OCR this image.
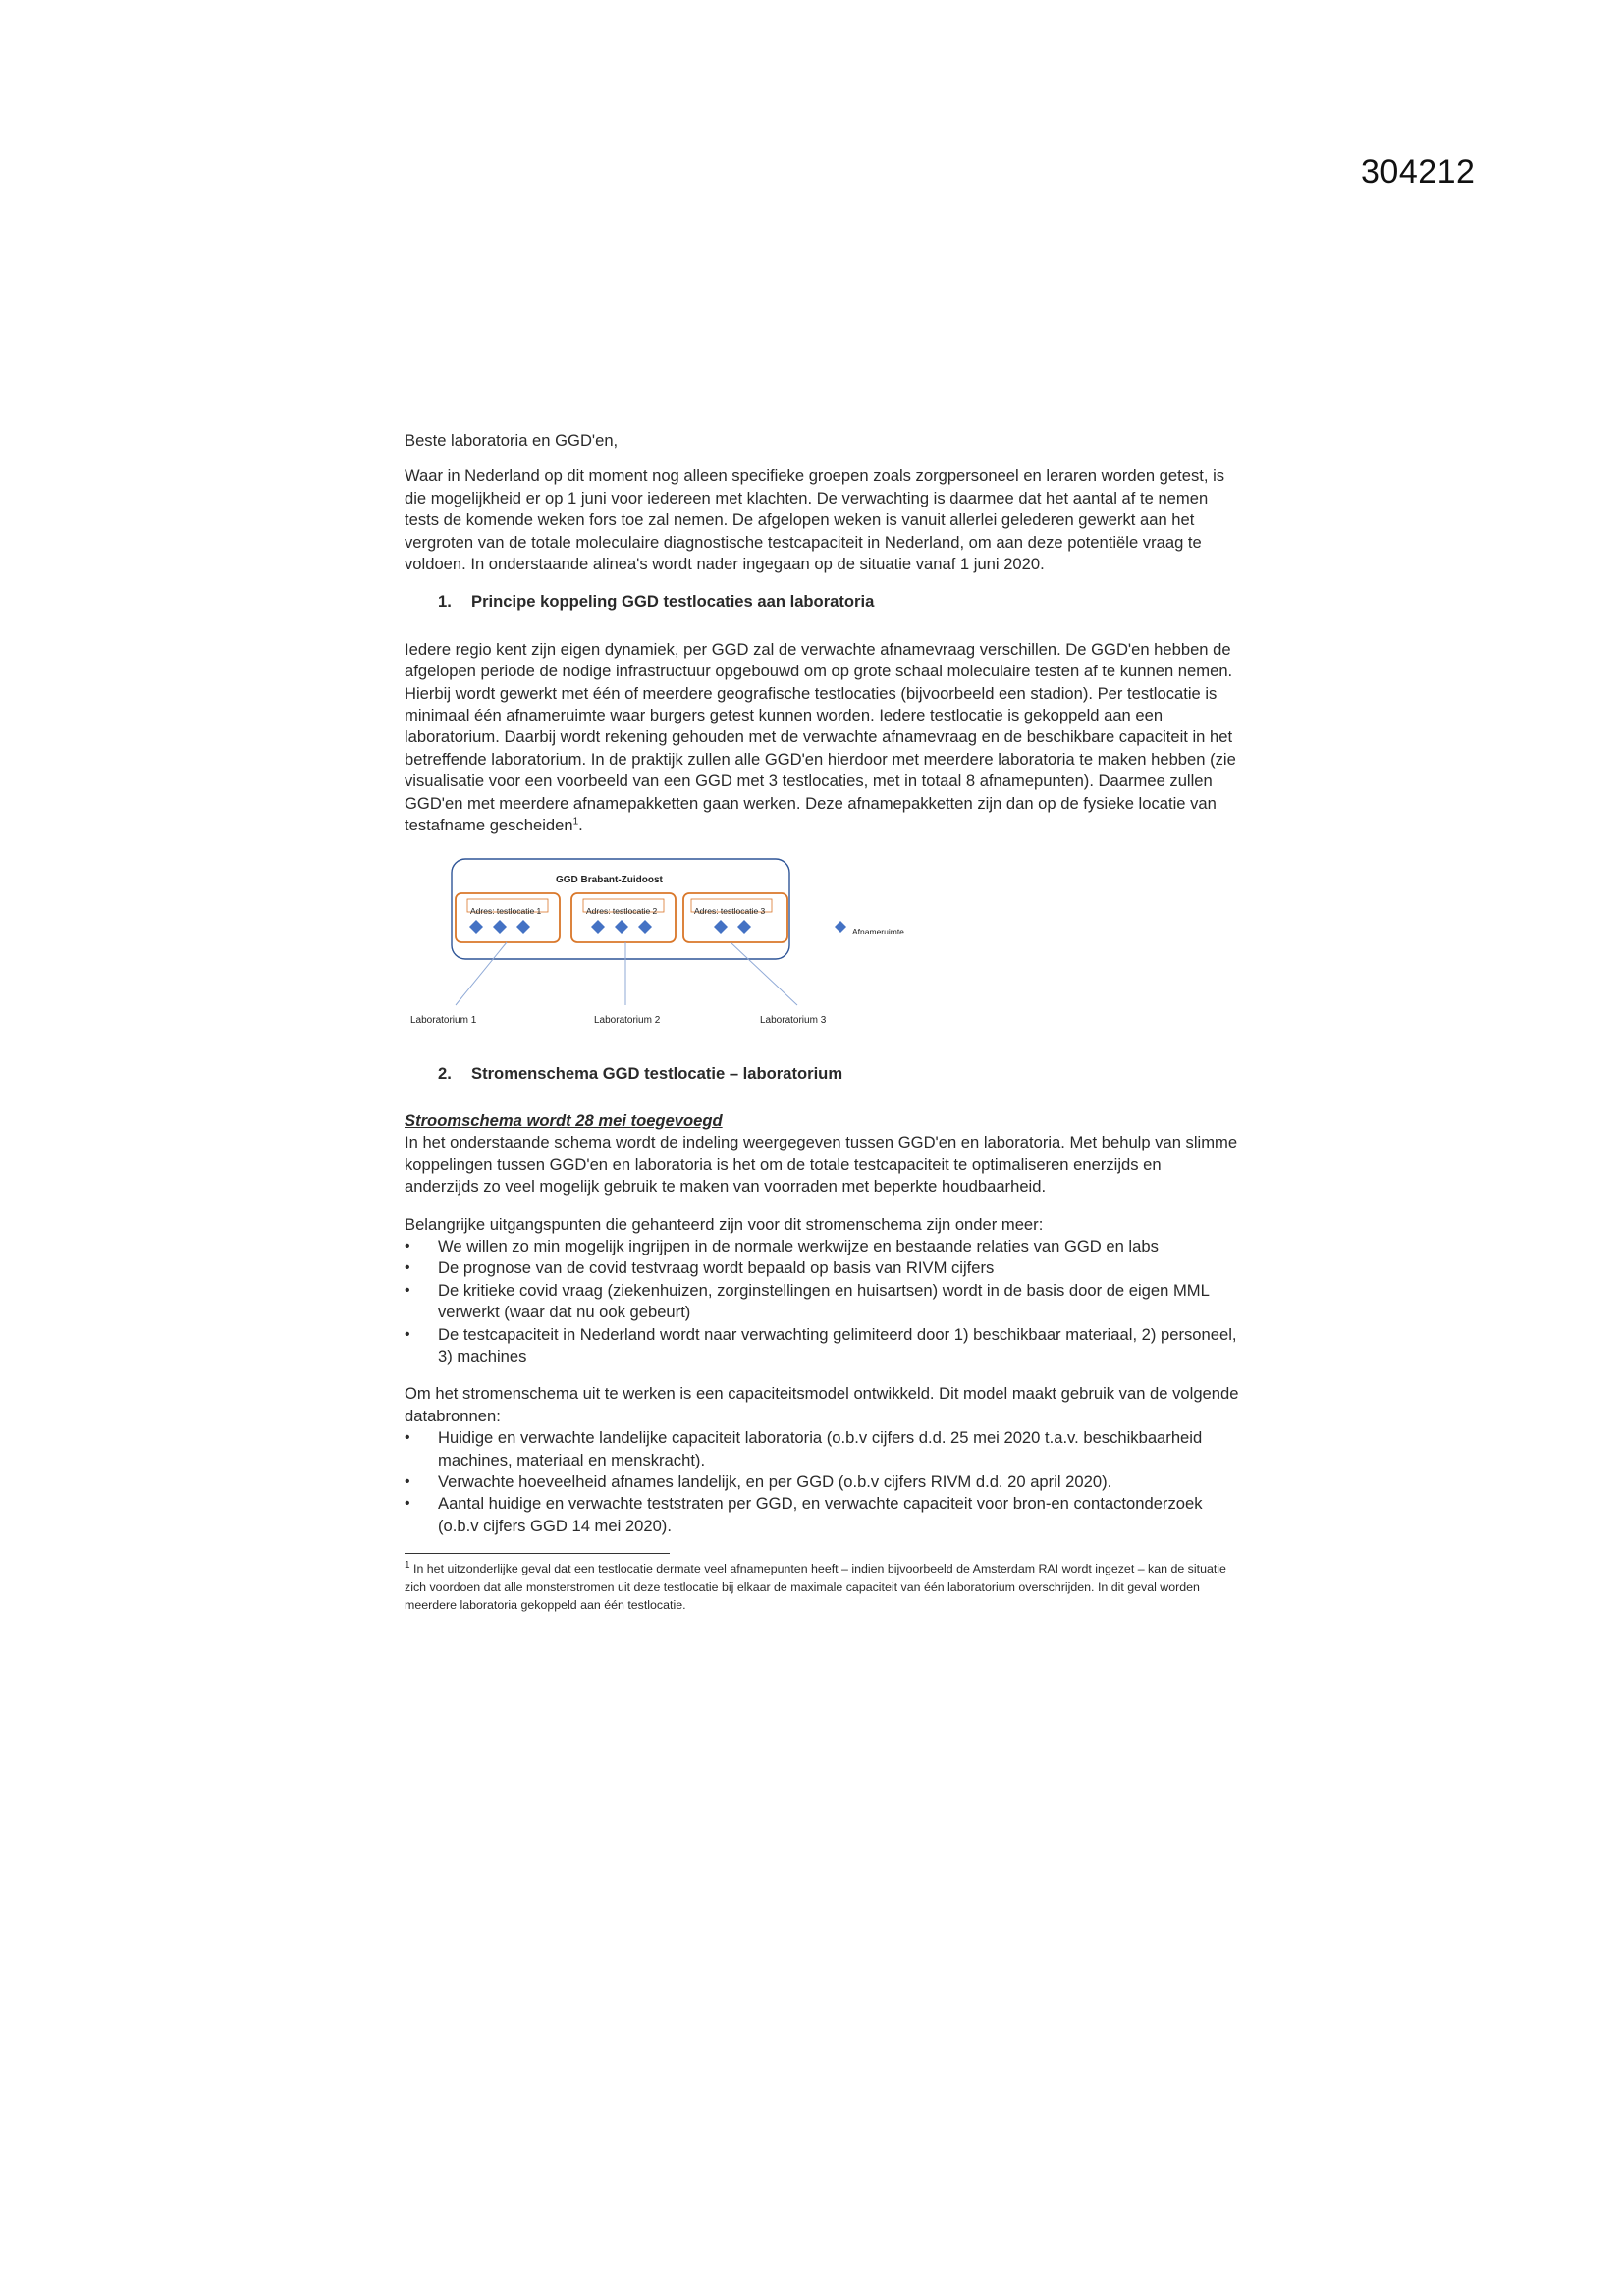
304212

Beste laboratoria en GGD'en,

Waar in Nederland op dit moment nog alleen specifieke groepen zoals zorgpersoneel en leraren worden getest, is die mogelijkheid er op 1 juni voor iedereen met klachten. De verwachting is daarmee dat het aantal af te nemen tests de komende weken fors toe zal nemen. De afgelopen weken is vanuit allerlei gelederen gewerkt aan het vergroten van de totale moleculaire diagnostische testcapaciteit in Nederland, om aan deze potentiële vraag te voldoen. In onderstaande alinea's wordt nader ingegaan op de situatie vanaf 1 juni 2020.

1.	Principe koppeling GGD testlocaties aan laboratoria

Iedere regio kent zijn eigen dynamiek, per GGD zal de verwachte afnamevraag verschillen. De GGD'en hebben de afgelopen periode de nodige infrastructuur opgebouwd om op grote schaal moleculaire testen af te kunnen nemen. Hierbij wordt gewerkt met één of meerdere geografische testlocaties (bijvoorbeeld een stadion). Per testlocatie is minimaal één afnameruimte waar burgers getest kunnen worden. Iedere testlocatie is gekoppeld aan een laboratorium. Daarbij wordt rekening gehouden met de verwachte afnamevraag en de beschikbare capaciteit in het betreffende laboratorium. In de praktijk zullen alle GGD'en hierdoor met meerdere laboratoria te maken hebben (zie visualisatie voor een voorbeeld van een GGD met 3 testlocaties, met in totaal 8 afnamepunten). Daarmee zullen GGD'en met meerdere afnamepakketten gaan werken. Deze afnamepakketten zijn dan op de fysieke locatie van testafname gescheiden$^1$.

GGD Brabant-Zuidoost
Adres: testlocatie 1	Adres: testlocatie 2	Adres: testlocatie 3
Afnameruimte
Laboratorium 1	Laboratorium 2	Laboratorium 3
2.	Stromenschema GGD testlocatie – laboratorium

Stroomschema wordt 28 mei toegevoegd

In het onderstaande schema wordt de indeling weergegeven tussen GGD'en en laboratoria. Met behulp van slimme koppelingen tussen GGD'en en laboratoria is het om de totale testcapaciteit te optimaliseren enerzijds en anderzijds zo veel mogelijk gebruik te maken van voorraden met beperkte houdbaarheid.

Belangrijke uitgangspunten die gehanteerd zijn voor dit stromenschema zijn onder meer:

• We willen zo min mogelijk ingrijpen in de normale werkwijze en bestaande relaties van GGD en labs
• De prognose van de covid testvraag wordt bepaald op basis van RIVM cijfers
• De kritieke covid vraag (ziekenhuizen, zorginstellingen en huisartsen) wordt in de basis door de eigen MML verwerkt (waar dat nu ook gebeurt)
• De testcapaciteit in Nederland wordt naar verwachting gelimiteerd door 1) beschikbaar materiaal, 2) personeel, 3) machines

Om het stromenschema uit te werken is een capaciteitsmodel ontwikkeld. Dit model maakt gebruik van de volgende databronnen:

• Huidige en verwachte landelijke capaciteit laboratoria (o.b.v cijfers d.d. 25 mei 2020 t.a.v. beschikbaarheid machines, materiaal en menskracht).
• Verwachte hoeveelheid afnames landelijk, en per GGD (o.b.v cijfers RIVM d.d. 20 april 2020).
• Aantal huidige en verwachte teststraten per GGD, en verwachte capaciteit voor bron-en contactonderzoek (o.b.v cijfers GGD 14 mei 2020).

$^1$ In het uitzonderlijke geval dat een testlocatie dermate veel afnamepunten heeft – indien bijvoorbeeld de Amsterdam RAI wordt ingezet – kan de situatie zich voordoen dat alle monsterstromen uit deze testlocatie bij elkaar de maximale capaciteit van één laboratorium overschrijden. In dit geval worden meerdere laboratoria gekoppeld aan één testlocatie.
